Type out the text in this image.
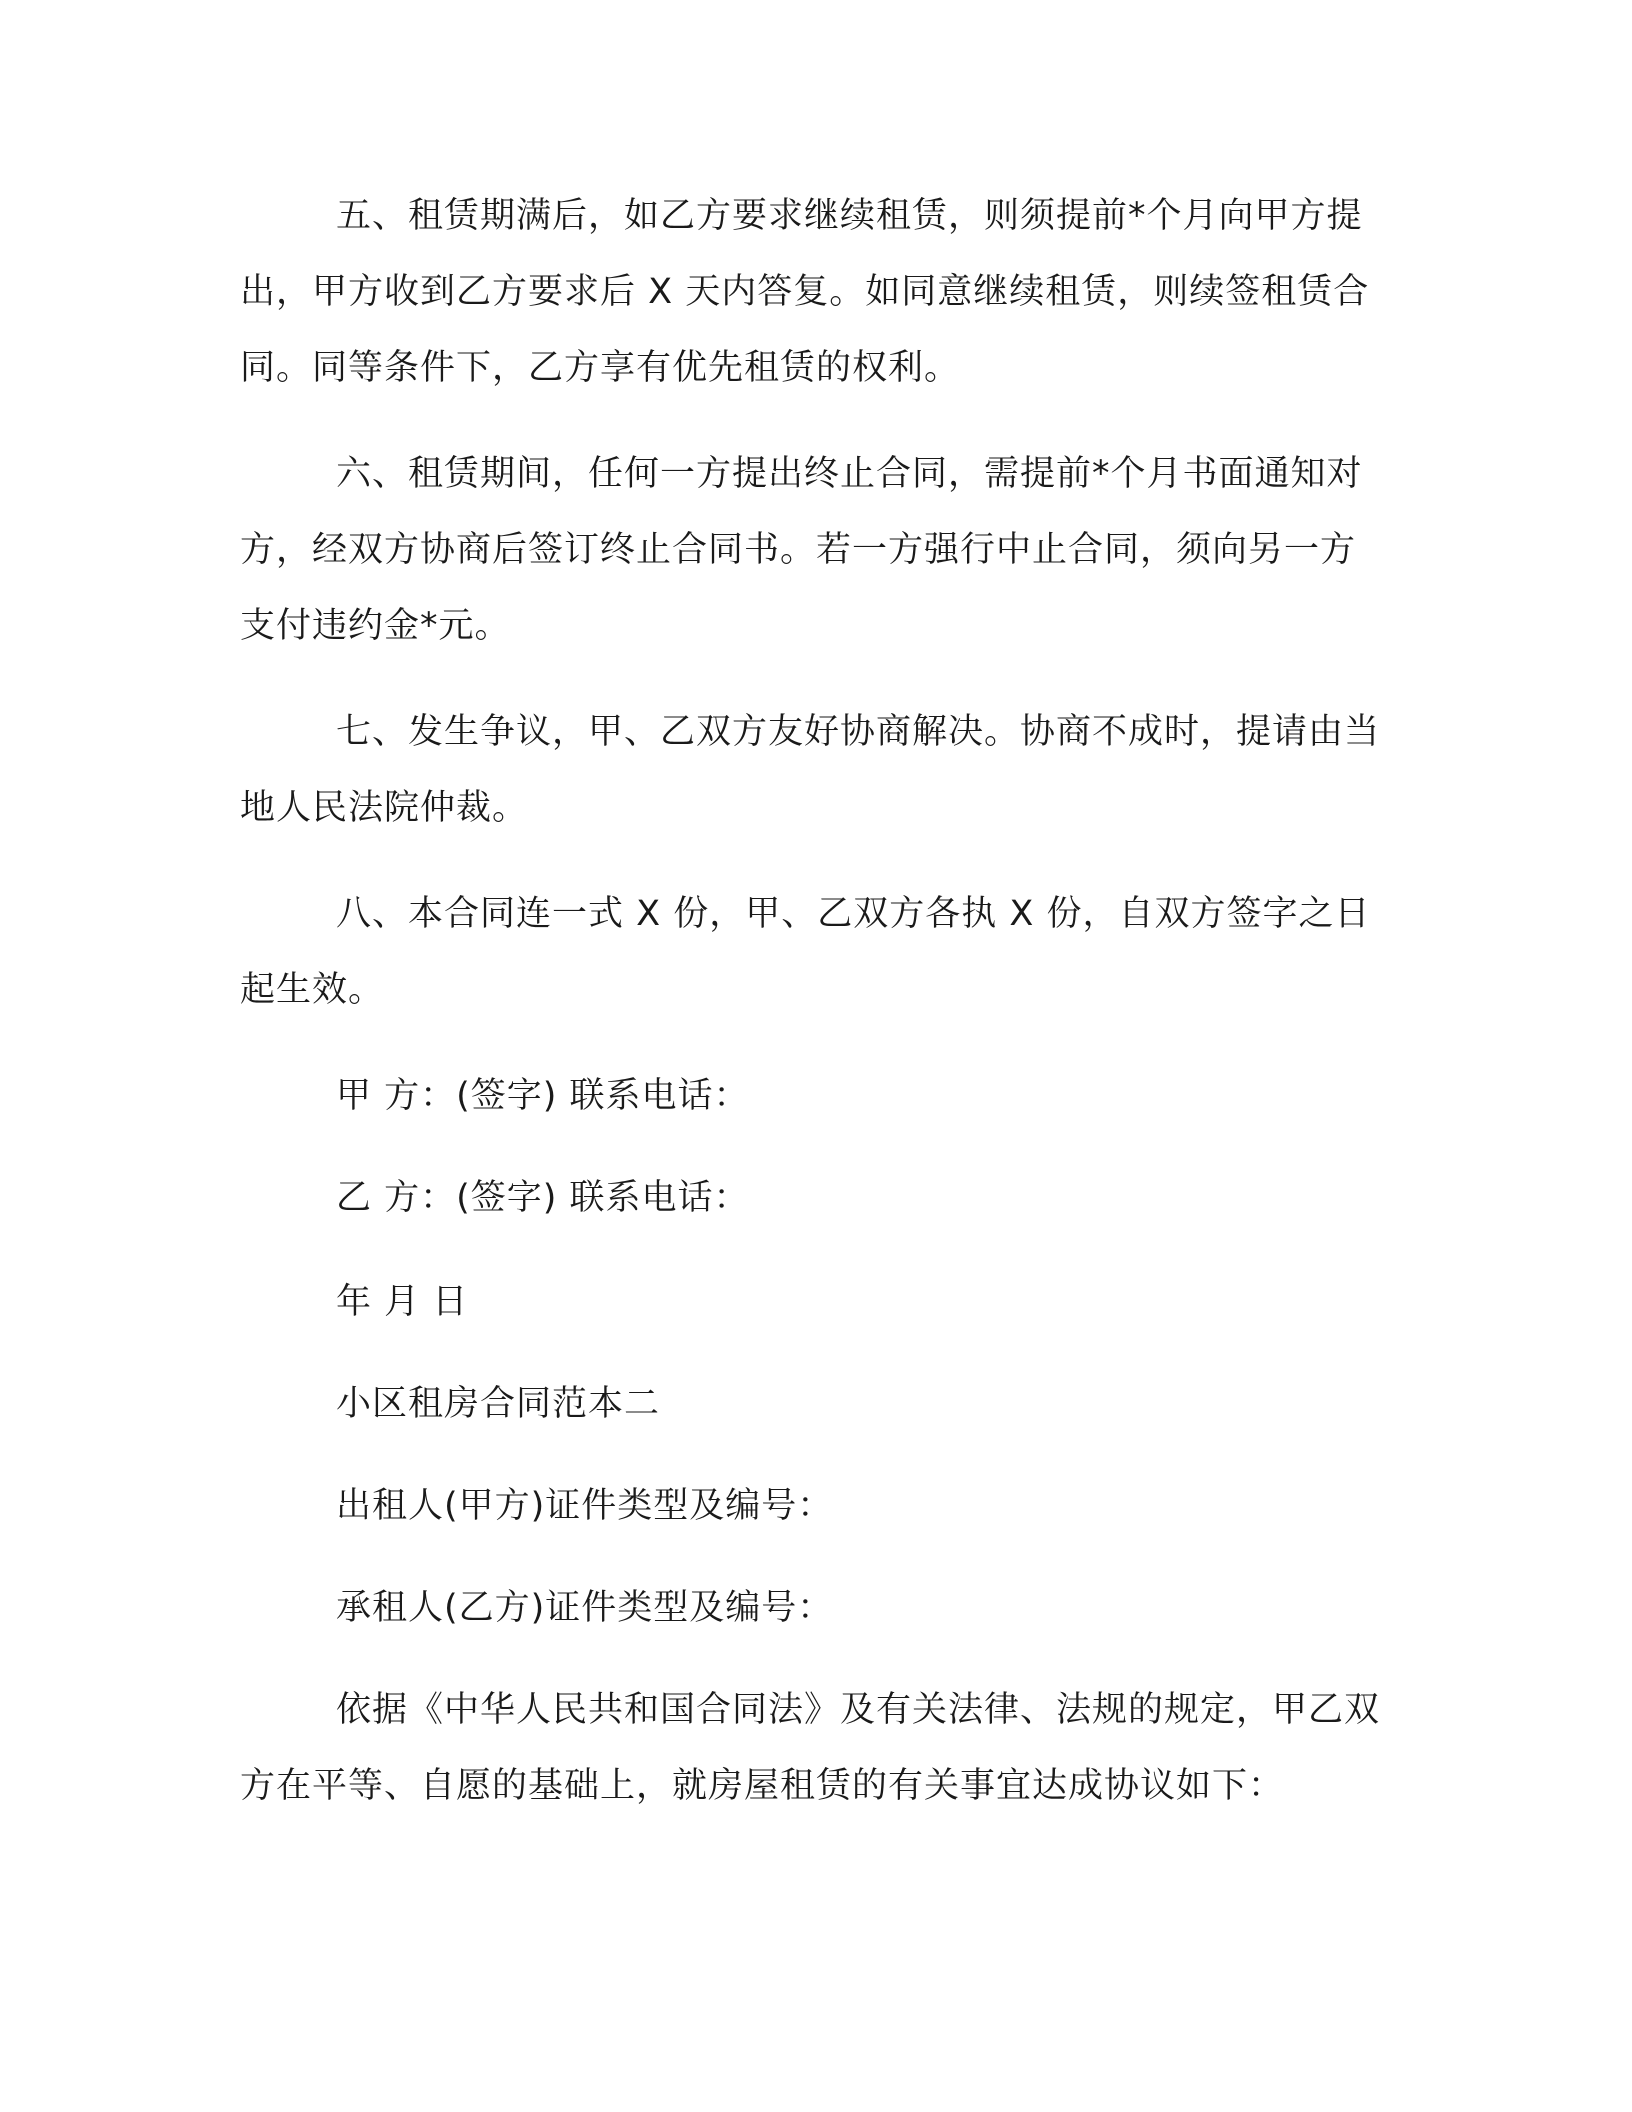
五、租赁期满后，如乙方要求继续租赁，则须提前*个月向甲方提出，甲方收到乙方要求后 X 天内答复。如同意继续租赁，则续签租赁合同。同等条件下，乙方享有优先租赁的权利。

六、租赁期间，任何一方提出终止合同，需提前*个月书面通知对方，经双方协商后签订终止合同书。若一方强行中止合同，须向另一方支付违约金*元。

七、发生争议，甲、乙双方友好协商解决。协商不成时，提请由当地人民法院仲裁。

八、本合同连一式 X 份，甲、乙双方各执 X 份，自双方签字之日起生效。

甲 方：(签字) 联系电话：

乙 方：(签字) 联系电话：

年 月 日

小区租房合同范本二

出租人(甲方)证件类型及编号：

承租人(乙方)证件类型及编号：

依据《中华人民共和国合同法》及有关法律、法规的规定，甲乙双方在平等、自愿的基础上，就房屋租赁的有关事宜达成协议如下：
